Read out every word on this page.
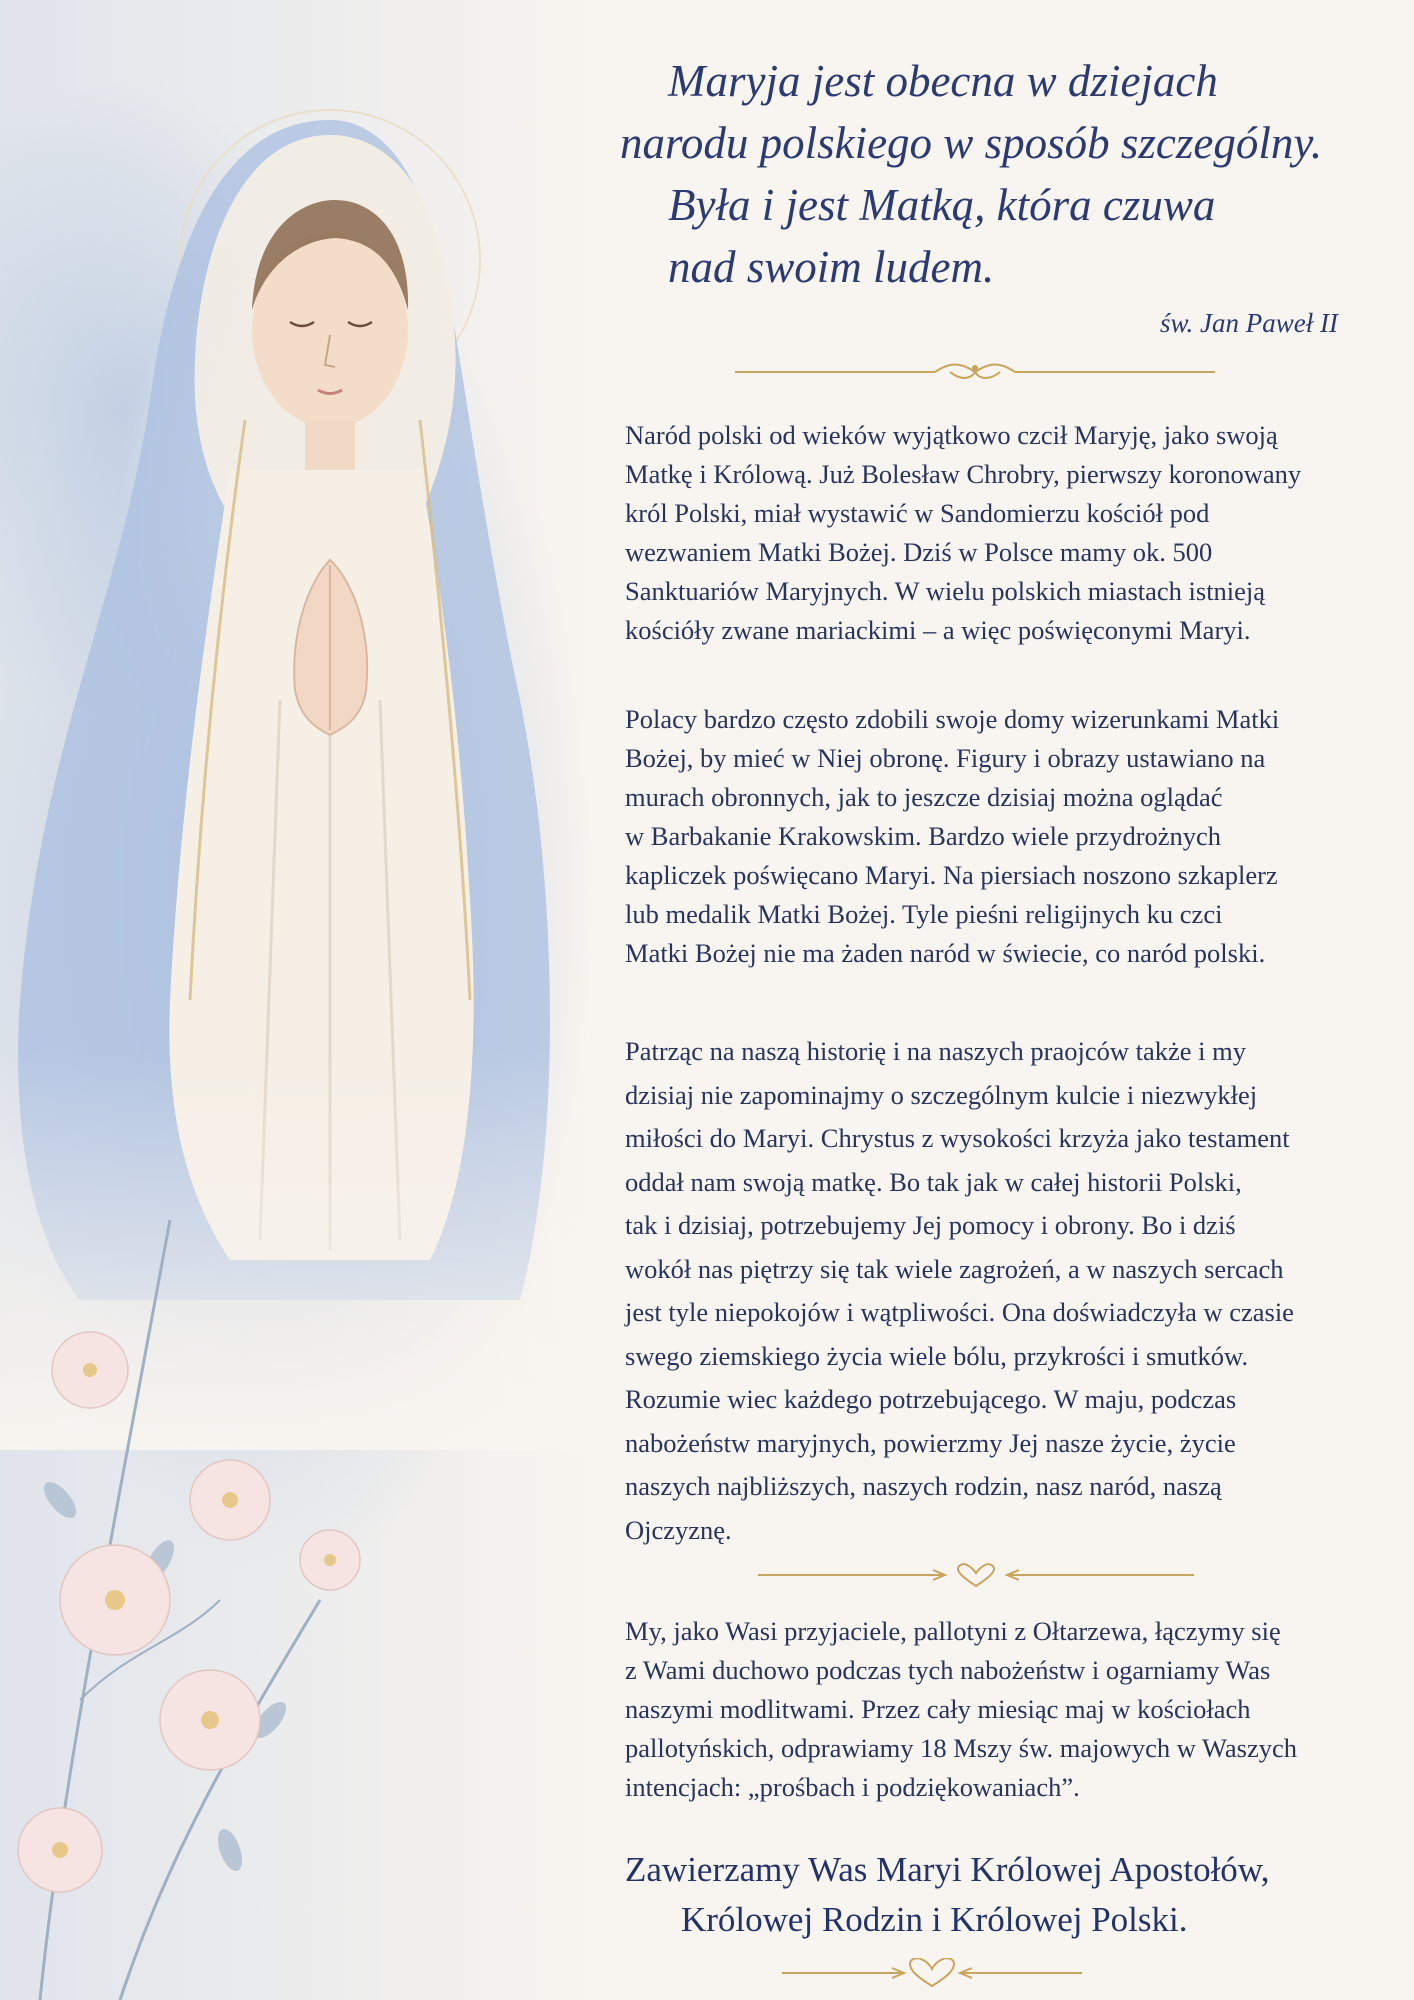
Maryja jest obecna w dziejach
narodu polskiego w sposób szczególny.
Była i jest Matką, która czuwa
nad swoim ludem.
św. Jan Paweł II
Naród polski od wieków wyjątkowo czcił Maryję, jako swoją
Matkę i Królową. Już Bolesław Chrobry, pierwszy koronowany
król Polski, miał wystawić w Sandomierzu kościół pod
wezwaniem Matki Bożej. Dziś w Polsce mamy ok. 500
Sanktuariów Maryjnych. W wielu polskich miastach istnieją
kościóły zwane mariackimi – a więc poświęconymi Maryi.
Polacy bardzo często zdobili swoje domy wizerunkami Matki
Bożej, by mieć w Niej obronę. Figury i obrazy ustawiano na
murach obronnych, jak to jeszcze dzisiaj można oglądać
w Barbakanie Krakowskim. Bardzo wiele przydrożnych
kapliczek poświęcano Maryi. Na piersiach noszono szkaplerz
lub medalik Matki Bożej. Tyle pieśni religijnych ku czci
Matki Bożej nie ma żaden naród w świecie, co naród polski.
Patrząc na naszą historię i na naszych praojców także i my
dzisiaj nie zapominajmy o szczególnym kulcie i niezwykłej
miłości do Maryi. Chrystus z wysokości krzyża jako testament
oddał nam swoją matkę. Bo tak jak w całej historii Polski,
tak i dzisiaj, potrzebujemy Jej pomocy i obrony. Bo i dziś
wokół nas piętrzy się tak wiele zagrożeń, a w naszych sercach
jest tyle niepokojów i wątpliwości. Ona doświadczyła w czasie
swego ziemskiego życia wiele bólu, przykrości i smutków.
Rozumie wiec każdego potrzebującego. W maju, podczas
nabożeństw maryjnych, powierzmy Jej nasze życie, życie
naszych najbliższych, naszych rodzin, nasz naród, naszą
Ojczyznę.
My, jako Wasi przyjaciele, pallotyni z Ołtarzewa, łączymy się
z Wami duchowo podczas tych nabożeństw i ogarniamy Was
naszymi modlitwami. Przez cały miesiąc maj w kościołach
pallotyńskich, odprawiamy 18 Mszy św. majowych w Waszych
intencjach: „prośbach i podziękowaniach”.
Zawierzamy Was Maryi Królowej Apostołów,
Królowej Rodzin i Królowej Polski.
